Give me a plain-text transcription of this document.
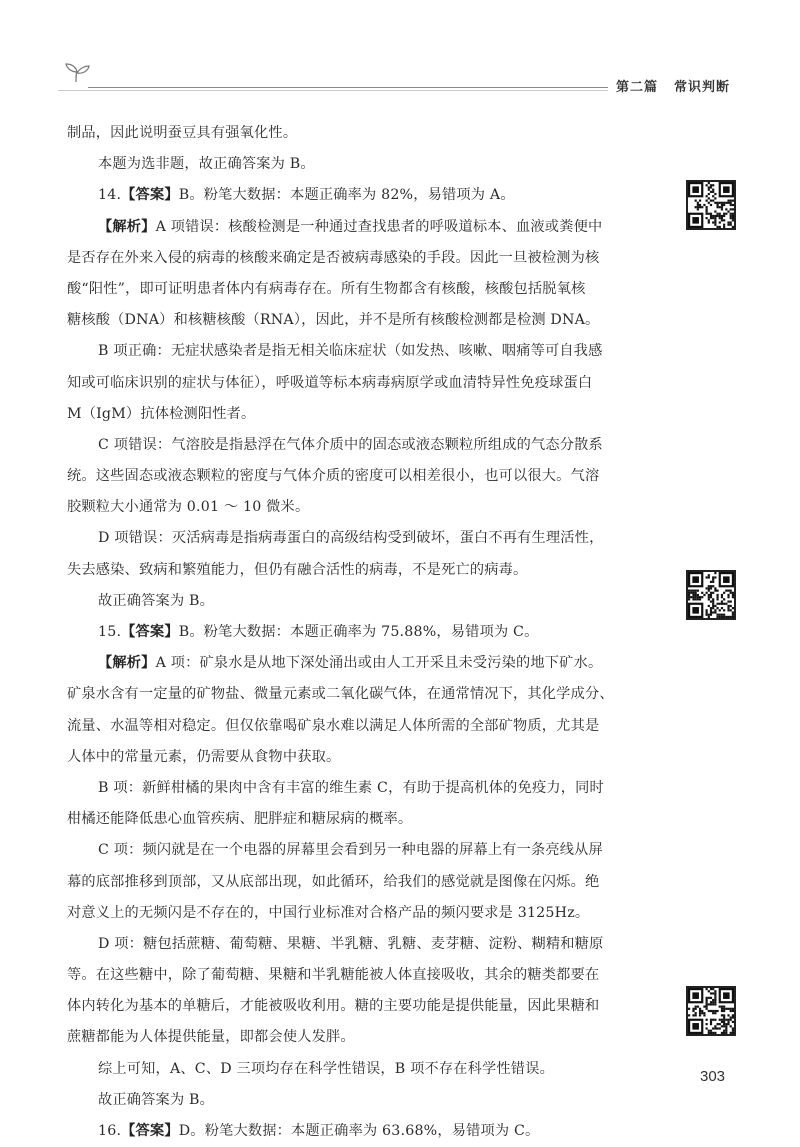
第二篇 常识判断
制品，因此说明蚕豆具有强氧化性。
本题为选非题，故正确答案为 B。
14.【答案】B。粉笔大数据：本题正确率为 82%，易错项为 A。
【解析】A 项错误：核酸检测是一种通过查找患者的呼吸道标本、血液或粪便中
是否存在外来入侵的病毒的核酸来确定是否被病毒感染的手段。因此一旦被检测为核
酸“阳性”，即可证明患者体内有病毒存在。所有生物都含有核酸，核酸包括脱氧核
糖核酸（DNA）和核糖核酸（RNA），因此，并不是所有核酸检测都是检测 DNA。
B 项正确：无症状感染者是指无相关临床症状（如发热、咳嗽、咽痛等可自我感
知或可临床识别的症状与体征），呼吸道等标本病毒病原学或血清特异性免疫球蛋白
M（IgM）抗体检测阳性者。
C 项错误：气溶胶是指悬浮在气体介质中的固态或液态颗粒所组成的气态分散系
统。这些固态或液态颗粒的密度与气体介质的密度可以相差很小，也可以很大。气溶
胶颗粒大小通常为 0.01 ～ 10 微米。
D 项错误：灭活病毒是指病毒蛋白的高级结构受到破坏，蛋白不再有生理活性，
失去感染、致病和繁殖能力，但仍有融合活性的病毒，不是死亡的病毒。
故正确答案为 B。
15.【答案】B。粉笔大数据：本题正确率为 75.88%，易错项为 C。
【解析】A 项：矿泉水是从地下深处涌出或由人工开采且未受污染的地下矿水。
矿泉水含有一定量的矿物盐、微量元素或二氧化碳气体，在通常情况下，其化学成分、
流量、水温等相对稳定。但仅依靠喝矿泉水难以满足人体所需的全部矿物质，尤其是
人体中的常量元素，仍需要从食物中获取。
B 项：新鲜柑橘的果肉中含有丰富的维生素 C，有助于提高机体的免疫力，同时
柑橘还能降低患心血管疾病、肥胖症和糖尿病的概率。
C 项：频闪就是在一个电器的屏幕里会看到另一种电器的屏幕上有一条亮线从屏
幕的底部推移到顶部，又从底部出现，如此循环，给我们的感觉就是图像在闪烁。绝
对意义上的无频闪是不存在的，中国行业标准对合格产品的频闪要求是 3125Hz。
D 项：糖包括蔗糖、葡萄糖、果糖、半乳糖、乳糖、麦芽糖、淀粉、糊精和糖原
等。在这些糖中，除了葡萄糖、果糖和半乳糖能被人体直接吸收，其余的糖类都要在
体内转化为基本的单糖后，才能被吸收利用。糖的主要功能是提供能量，因此果糖和
蔗糖都能为人体提供能量，即都会使人发胖。
综上可知，A、C、D 三项均存在科学性错误，B 项不存在科学性错误。
故正确答案为 B。
16.【答案】D。粉笔大数据：本题正确率为 63.68%，易错项为 C。
303
